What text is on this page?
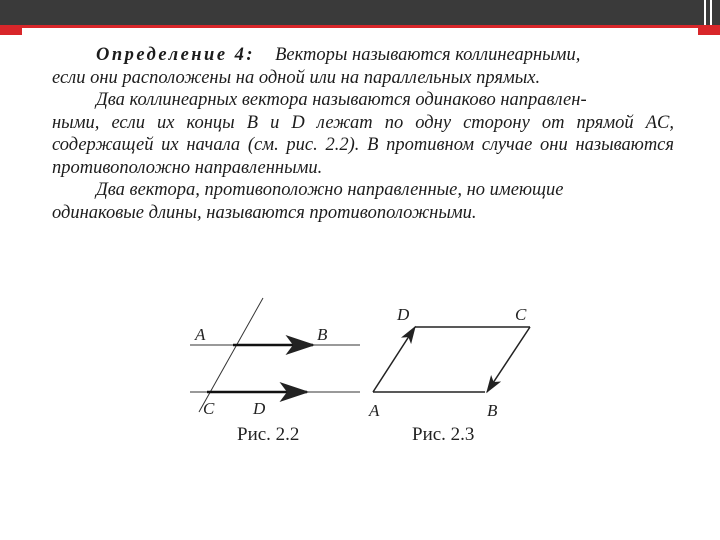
Определение 4: Векторы называются коллинеарными,

если они расположены на одной или на параллельных прямых.

Два коллинеарных вектора называются одинаково направлен-

ными, если их концы B и D лежат по одну сторону от прямой AC, содержащей их начала (см. рис. 2.2). В противном случае они называются противоположно направленными.

Два вектора, противоположно направленные, но имеющие

одинаковые длины, называются противоположными.

A	B
C D
Рис. 2.2
D	C
A	B
Рис. 2.3
